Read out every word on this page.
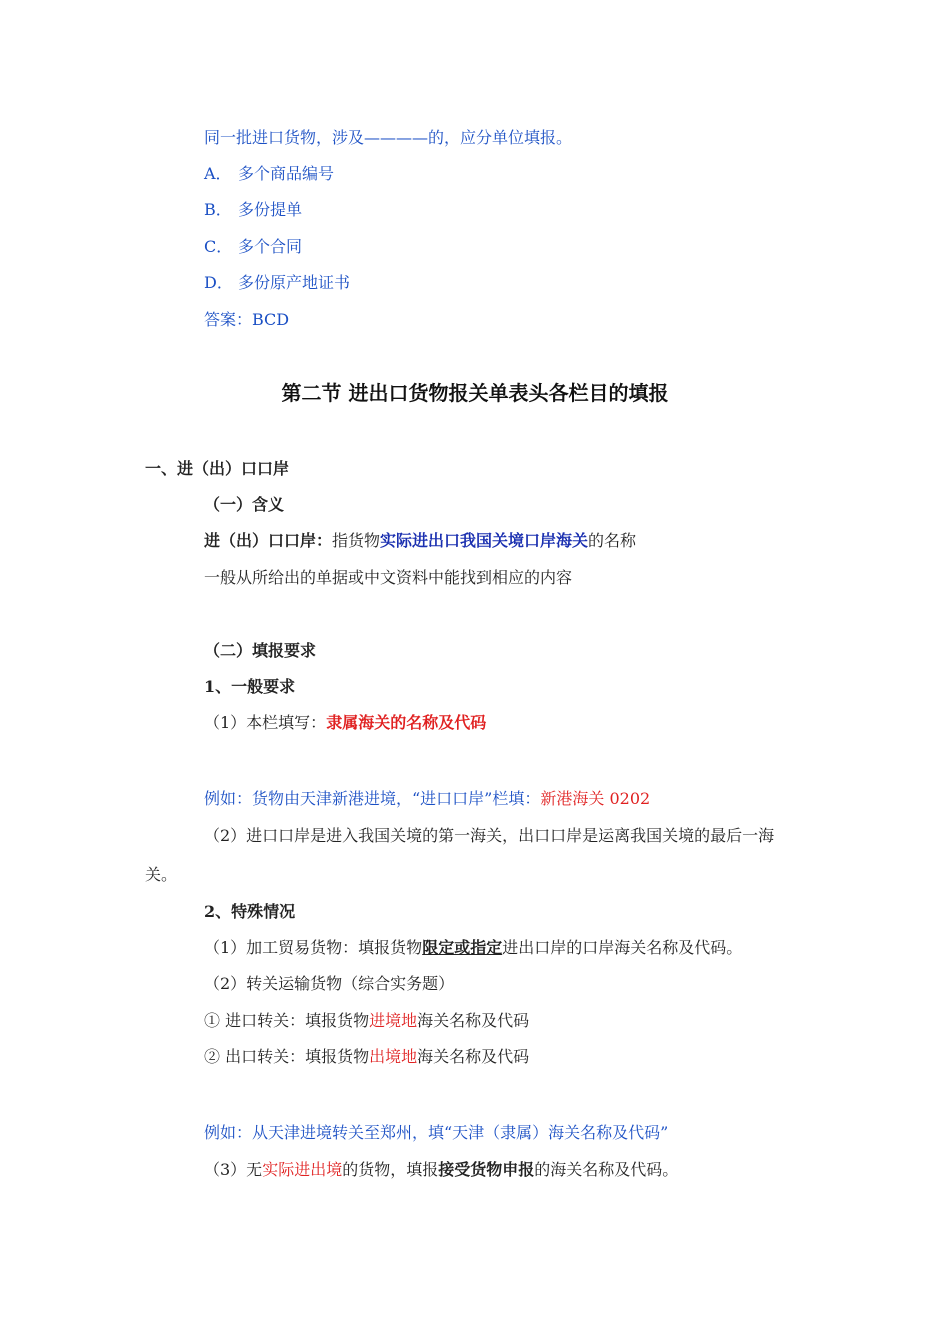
同一批进口货物，涉及————的，应分单位填报。
A． 多个商品编号
B． 多份提单
C． 多个合同
D． 多份原产地证书
答案：BCD
第二节 进出口货物报关单表头各栏目的填报
一、进（出）口口岸
（一）含义
进（出）口口岸：指货物实际进出口我国关境口岸海关的名称
一般从所给出的单据或中文资料中能找到相应的内容
（二）填报要求
1、一般要求
（1）本栏填写：隶属海关的名称及代码
例如：货物由天津新港进境，“进口口岸”栏填：新港海关 0202
（2）进口口岸是进入我国关境的第一海关，出口口岸是运离我国关境的最后一海
关。
2、特殊情况
（1）加工贸易货物：填报货物限定或指定进出口岸的口岸海关名称及代码。
（2）转关运输货物（综合实务题）
① 进口转关：填报货物进境地海关名称及代码
② 出口转关：填报货物出境地海关名称及代码
例如：从天津进境转关至郑州，填“天津（隶属）海关名称及代码”
（3）无实际进出境的货物，填报接受货物申报的海关名称及代码。
